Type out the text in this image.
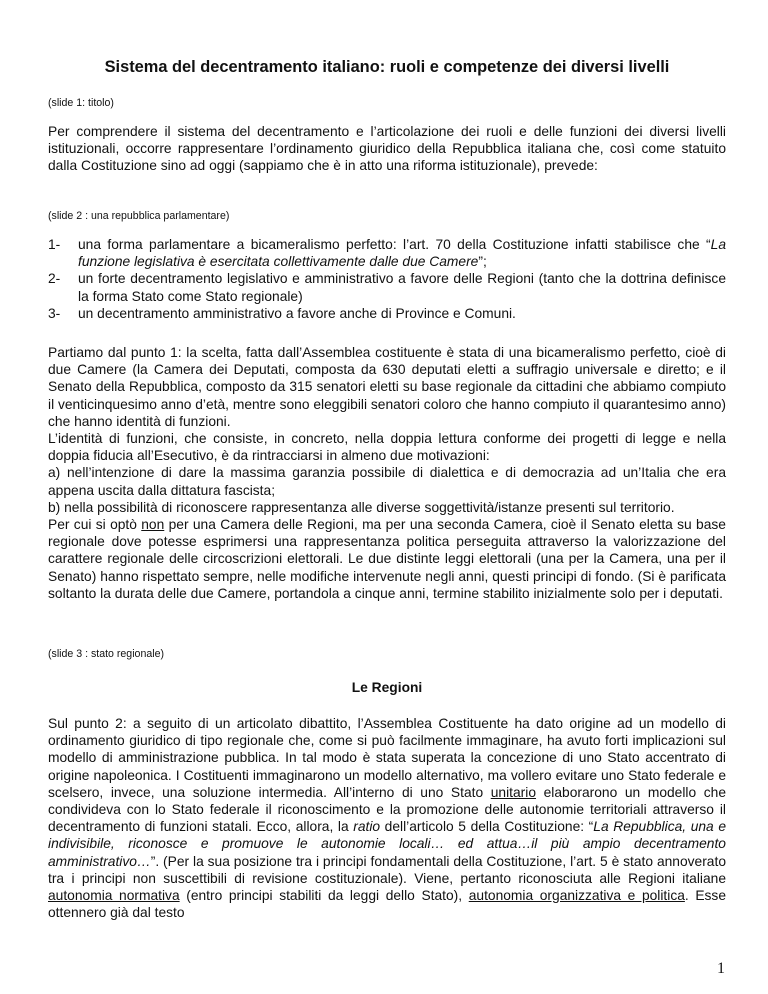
Sistema del decentramento italiano: ruoli e competenze dei diversi livelli
(slide 1: titolo)

Per comprendere il sistema del decentramento e l’articolazione dei ruoli e delle funzioni dei diversi livelli istituzionali, occorre rappresentare l’ordinamento giuridico della Repubblica italiana che, così come statuito dalla Costituzione sino ad oggi (sappiamo che è in atto una riforma istituzionale), prevede:

(slide 2 : una repubblica parlamentare)
1- una forma parlamentare a bicameralismo perfetto: l’art. 70 della Costituzione infatti stabilisce che “La funzione legislativa è esercitata collettivamente dalle due Camere”;
2- un forte decentramento legislativo e amministrativo a favore delle Regioni (tanto che la dottrina definisce la forma Stato come Stato regionale)
3- un decentramento amministrativo a favore anche di Province e Comuni.

Partiamo dal punto 1: la scelta, fatta dall’Assemblea costituente è stata di una bicameralismo perfetto, cioè di due Camere (la Camera dei Deputati, composta da 630 deputati eletti a suffragio universale e diretto; e il Senato della Repubblica, composto da 315 senatori eletti su base regionale da cittadini che abbiamo compiuto il venticinquesimo anno d’età, mentre sono eleggibili senatori coloro che hanno compiuto il quarantesimo anno) che hanno identità di funzioni.

L’identità di funzioni, che consiste, in concreto, nella doppia lettura conforme dei progetti di legge e nella doppia fiducia all’Esecutivo, è da rintracciarsi in almeno due motivazioni:

a) nell’intenzione di dare la massima garanzia possibile di dialettica e di democrazia ad un’Italia che era appena uscita dalla dittatura fascista;

b) nella possibilità di riconoscere rappresentanza alle diverse soggettività/istanze presenti sul territorio.

Per cui si optò non per una Camera delle Regioni, ma per una seconda Camera, cioè il Senato eletta su base regionale dove potesse esprimersi una rappresentanza politica perseguita attraverso la valorizzazione del carattere regionale delle circoscrizioni elettorali. Le due distinte leggi elettorali (una per la Camera, una per il Senato) hanno rispettato sempre, nelle modifiche intervenute negli anni, questi principi di fondo. (Si è parificata soltanto la durata delle due Camere, portandola a cinque anni, termine stabilito inizialmente solo per i deputati.

(slide 3 : stato regionale)
Le Regioni

Sul punto 2: a seguito di un articolato dibattito, l’Assemblea Costituente ha dato origine ad un modello di ordinamento giuridico di tipo regionale che, come si può facilmente immaginare, ha avuto forti implicazioni sul modello di amministrazione pubblica. In tal modo è stata superata la concezione di uno Stato accentrato di origine napoleonica. I Costituenti immaginarono un modello alternativo, ma vollero evitare uno Stato federale e scelsero, invece, una soluzione intermedia. All’interno di uno Stato unitario elaborarono un modello che condivideva con lo Stato federale il riconoscimento e la promozione delle autonomie territoriali attraverso il decentramento di funzioni statali. Ecco, allora, la ratio dell’articolo 5 della Costituzione: “La Repubblica, una e indivisibile, riconosce e promuove le autonomie locali… ed attua…il più ampio decentramento amministrativo…”. (Per la sua posizione tra i principi fondamentali della Costituzione, l’art. 5 è stato annoverato tra i principi non suscettibili di revisione costituzionale). Viene, pertanto riconosciuta alle Regioni italiane autonomia normativa (entro principi stabiliti da leggi dello Stato), autonomia organizzativa e politica. Esse ottennero già dal testo

1
